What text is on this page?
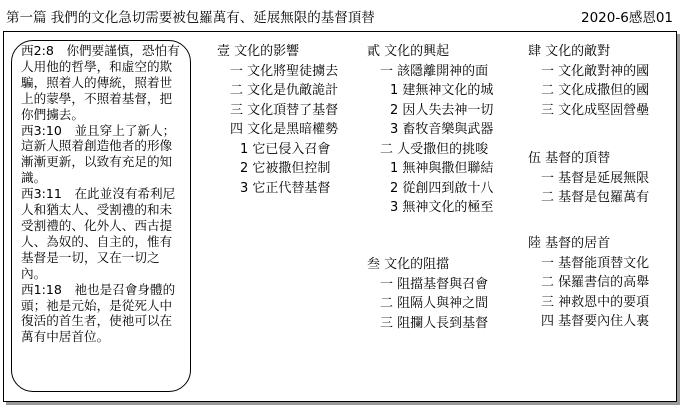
第一篇 我們的文化急切需要被包羅萬有、延展無限的基督頂替	2020-6感恩01

西2:8　你們要謹慎，恐怕有人用他的哲學，和虛空的欺騙，照着人的傳統，照着世上的蒙學，不照着基督，把你們擄去。

西3:10　並且穿上了新人；這新人照着創造他者的形像漸漸更新，以致有充足的知識。

西3:11　在此並沒有希利尼人和猶太人、受割禮的和未受割禮的、化外人、西古提人、為奴的、自主的，惟有基督是一切，又在一切之內。

西1:18　祂也是召會身體的頭；祂是元始，是從死人中復活的首生者，使祂可以在萬有中居首位。

壹 文化的影響
一 文化將聖徒擄去
二 文化是仇敵詭計
三 文化頂替了基督
四 文化是黑暗權勢
1 它已侵入召會
2 它被撒但控制
3 它正代替基督
貳 文化的興起
一 該隱離開神的面
1 建無神文化的城
2 因人失去神一切
3 畜牧音樂與武器
二 人受撒但的挑唆
1 無神與撒但聯結
2 從創四到啟十八
3 無神文化的極至
叁 文化的阻擋
一 阻擋基督與召會
二 阻隔人與神之間
三 阻攔人長到基督
肆 文化的敵對
一 文化敵對神的國
二 文化成撒但的國
三 文化成堅固營壘
伍 基督的頂替
一 基督是延展無限
二 基督是包羅萬有
陸 基督的居首
一 基督能頂替文化
二 保羅書信的高舉
三 神救恩中的要項
四 基督要內住人裏
